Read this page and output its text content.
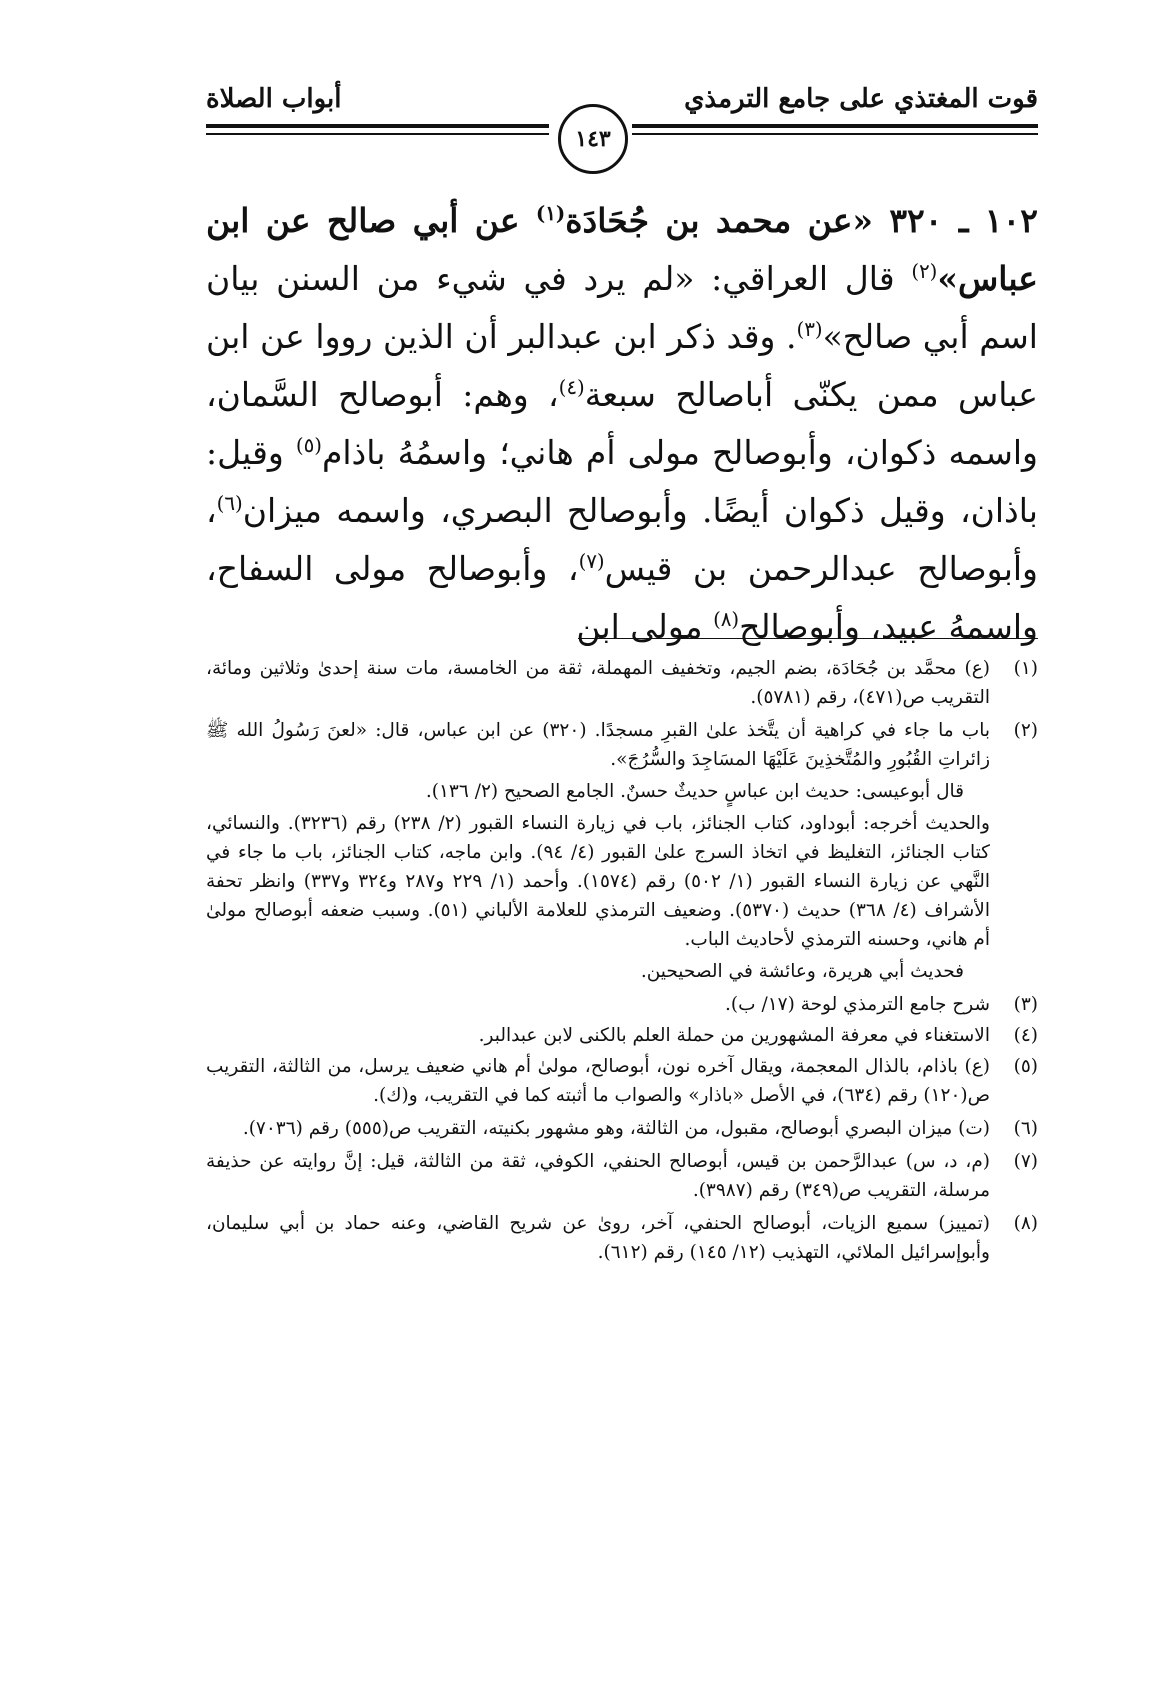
قوت المغتذي على جامع الترمذي
أبواب الصلاة
١٤٣
١٠٢ ـ ٣٢٠ «عن محمد بن جُحَادَة$^{(١)}$ عن أبي صالح عن ابن عباس»$^{(٢)}$ قال العراقي: «لم يرد في شيء من السنن بيان اسم أبي صالح»$^{(٣)}$. وقد ذكر ابن عبدالبر أن الذين رووا عن ابن عباس ممن يكنّى أباصالح سبعة$^{(٤)}$، وهم: أبوصالح السَّمان، واسمه ذكوان، وأبوصالح مولى أم هاني؛ واسمُهُ باذام$^{(٥)}$ وقيل: باذان، وقيل ذكوان أيضًا. وأبوصالح البصري، واسمه ميزان$^{(٦)}$، وأبوصالح عبدالرحمن بن قيس$^{(٧)}$، وأبوصالح مولى السفاح، واسمهُ عبيد، وأبوصالح$^{(٨)}$ مولى ابن
(١)
(ع) محمَّد بن جُحَادَة، بضم الجيم، وتخفيف المهملة، ثقة من الخامسة، مات سنة إحدىٰ وثلاثين ومائة، التقريب ص(٤٧١)، رقم (٥٧٨١).
(٢)
باب ما جاء في كراهية أن يتَّخذ علىٰ القبرِ مسجدًا. (٣٢٠) عن ابن عباس، قال: «لعنَ رَسُولُ الله ﷺ زائراتِ القُبُورِ والمُتَّخذِينَ عَلَيْهَا المسَاجِدَ والسُّرُجَ».
قال أبوعيسى: حديث ابن عباسٍ حديثٌ حسنٌ. الجامع الصحيح (٢/ ١٣٦).
والحديث أخرجه: أبوداود، كتاب الجنائز، باب في زيارة النساء القبور (٢/ ٢٣٨) رقم (٣٢٣٦). والنسائي، كتاب الجنائز، التغليظ في اتخاذ السرج علىٰ القبور (٤/ ٩٤). وابن ماجه، كتاب الجنائز، باب ما جاء في النَّهي عن زيارة النساء القبور (١/ ٥٠٢) رقم (١٥٧٤). وأحمد (١/ ٢٢٩ و٢٨٧ و٣٢٤ و٣٣٧) وانظر تحفة الأشراف (٤/ ٣٦٨) حديث (٥٣٧٠). وضعيف الترمذي للعلامة الألباني (٥١). وسبب ضعفه أبوصالح مولىٰ أم هاني، وحسنه الترمذي لأحاديث الباب.
فحديث أبي هريرة، وعائشة في الصحيحين.
(٣)
شرح جامع الترمذي لوحة (١٧/ ب).
(٤)
الاستغناء في معرفة المشهورين من حملة العلم بالكنى لابن عبدالبر.
(٥)
(ع) باذام، بالذال المعجمة، ويقال آخره نون، أبوصالح، مولىٰ أم هاني ضعيف يرسل، من الثالثة، التقريب ص(١٢٠) رقم (٦٣٤)، في الأصل «باذار» والصواب ما أثبته كما في التقريب، و(ك).
(٦)
(ت) ميزان البصري أبوصالح، مقبول، من الثالثة، وهو مشهور بكنيته، التقريب ص(٥٥٥) رقم (٧٠٣٦).
(٧)
(م، د، س) عبدالرَّحمن بن قيس، أبوصالح الحنفي، الكوفي، ثقة من الثالثة، قيل: إنَّ روايته عن حذيفة مرسلة، التقريب ص(٣٤٩) رقم (٣٩٨٧).
(٨)
(تمييز) سميع الزيات، أبوصالح الحنفي، آخر، روىٰ عن شريح القاضي، وعنه حماد بن أبي سليمان، وأبوإسرائيل الملائي، التهذيب (١٢/ ١٤٥) رقم (٦١٢).
